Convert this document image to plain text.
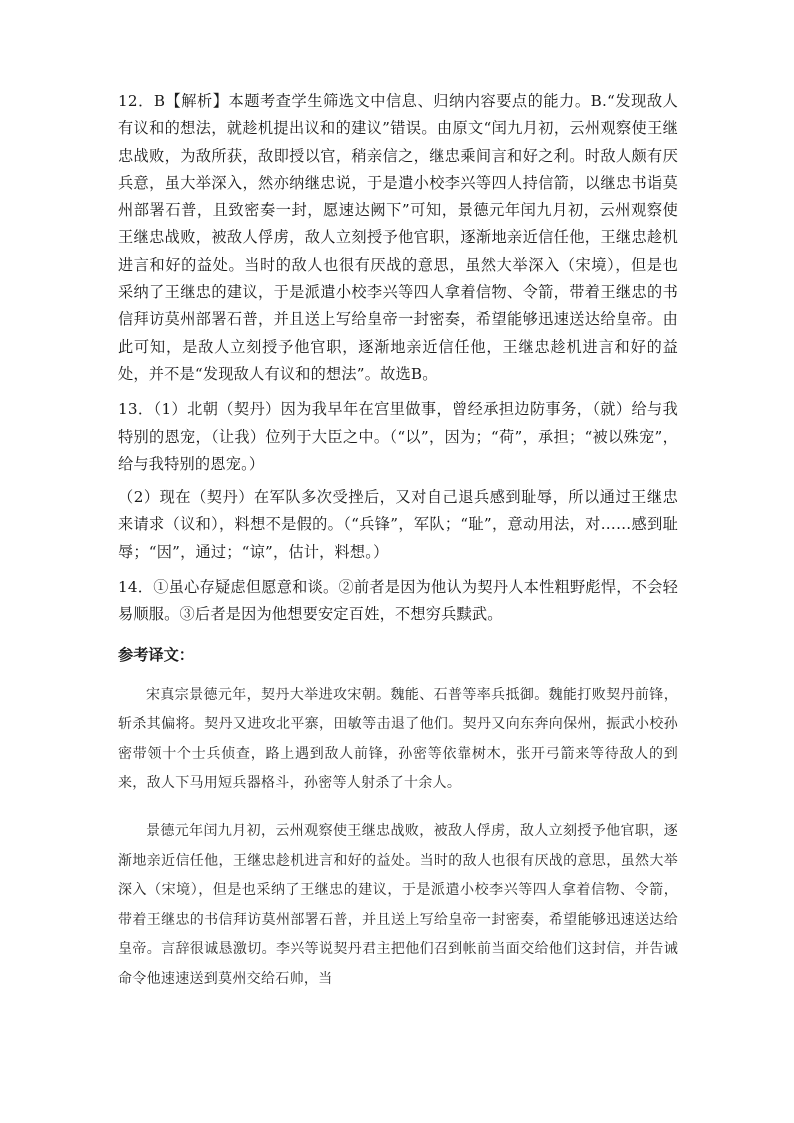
12．B【解析】本题考查学生筛选文中信息、归纳内容要点的能力。B.“发现敌人有议和的想法，就趁机提出议和的建议”错误。由原文“闰九月初，云州观察使王继忠战败，为敌所获，敌即授以官，稍亲信之，继忠乘间言和好之利。时敌人颇有厌兵意，虽大举深入，然亦纳继忠说，于是遣小校李兴等四人持信箭，以继忠书诣莫州部署石普，且致密奏一封，愿速达阙下”可知，景德元年闰九月初，云州观察使王继忠战败，被敌人俘虏，敌人立刻授予他官职，逐渐地亲近信任他，王继忠趁机进言和好的益处。当时的敌人也很有厌战的意思，虽然大举深入（宋境），但是也采纳了王继忠的建议，于是派遣小校李兴等四人拿着信物、令箭，带着王继忠的书信拜访莫州部署石普，并且送上写给皇帝一封密奏，希望能够迅速送达给皇帝。由此可知，是敌人立刻授予他官职，逐渐地亲近信任他，王继忠趁机进言和好的益处，并不是“发现敌人有议和的想法”。故选B。

13．（1）北朝（契丹）因为我早年在宫里做事，曾经承担边防事务，（就）给与我特别的恩宠，（让我）位列于大臣之中。（“以”，因为；“荷”，承担；“被以殊宠”，给与我特别的恩宠。）

（2）现在（契丹）在军队多次受挫后，又对自己退兵感到耻辱，所以通过王继忠来请求（议和），料想不是假的。（“兵锋”，军队；“耻”，意动用法，对……感到耻辱；“因”，通过；“谅”，估计，料想。）

14．①虽心存疑虑但愿意和谈。②前者是因为他认为契丹人本性粗野彪悍，不会轻易顺服。③后者是因为他想要安定百姓，不想穷兵黩武。

参考译文：

宋真宗景德元年，契丹大举进攻宋朝。魏能、石普等率兵抵御。魏能打败契丹前锋，斩杀其偏将。契丹又进攻北平寨，田敏等击退了他们。契丹又向东奔向保州，振武小校孙密带领十个士兵侦查，路上遇到敌人前锋，孙密等依靠树木，张开弓箭来等待敌人的到来，敌人下马用短兵器格斗，孙密等人射杀了十余人。

景德元年闰九月初，云州观察使王继忠战败，被敌人俘虏，敌人立刻授予他官职，逐渐地亲近信任他，王继忠趁机进言和好的益处。当时的敌人也很有厌战的意思，虽然大举深入（宋境），但是也采纳了王继忠的建议，于是派遣小校李兴等四人拿着信物、令箭，带着王继忠的书信拜访莫州部署石普，并且送上写给皇帝一封密奏，希望能够迅速送达给皇帝。言辞很诚恳激切。李兴等说契丹君主把他们召到帐前当面交给他们这封信，并告诫命令他速速送到莫州交给石帅，当
